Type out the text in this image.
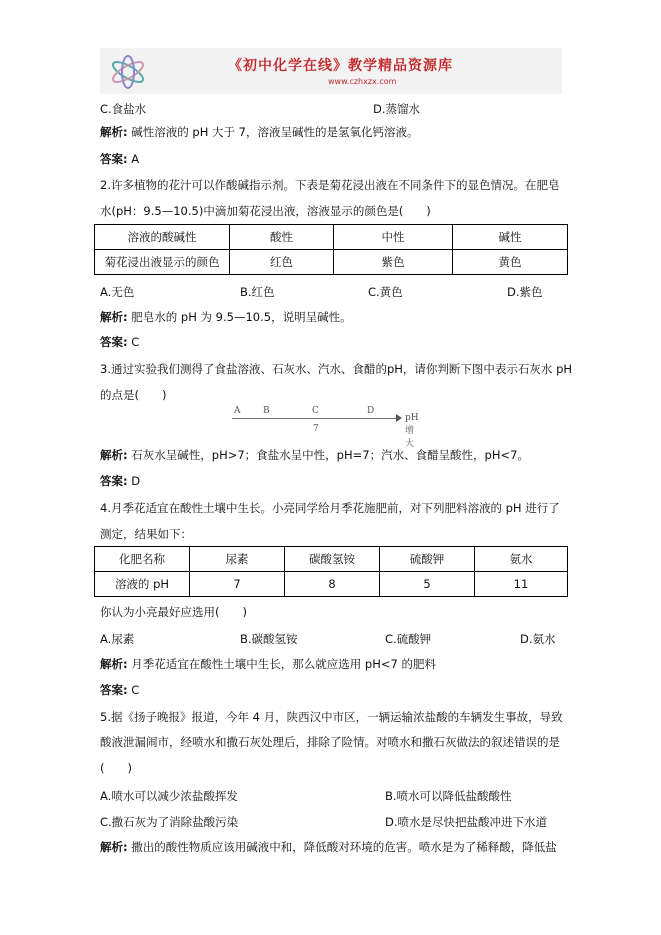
《初中化学在线》教学精品资源库
www.czhxzx.com
C.食盐水	D.蒸馏水
解析: 碱性溶液的 pH 大于 7，溶液呈碱性的是氢氧化钙溶液。
答案: A
2.许多植物的花汁可以作酸碱指示剂。下表是菊花浸出液在不同条件下的显色情况。在肥皂
水(pH：9.5—10.5)中滴加菊花浸出液，溶液显示的颜色是(　　)
溶液的酸碱性	酸性	中性	碱性
菊花浸出液显示的颜色	红色	紫色	黄色
A.无色	B.红色	C.黄色	D.紫色
解析: 肥皂水的 pH 为 9.5—10.5，说明呈碱性。
答案: C
3.通过实验我们测得了食盐溶液、石灰水、汽水、食醋的pH，请你判断下图中表示石灰水 pH
的点是(　　)
A	B	C	D
7
pH增大
解析: 石灰水呈碱性，pH>7；食盐水呈中性，pH=7；汽水、食醋呈酸性，pH<7。
答案: D
4.月季花适宜在酸性土壤中生长。小亮同学给月季花施肥前，对下列肥料溶液的 pH 进行了
测定，结果如下：
化肥名称	尿素	碳酸氢铵	硫酸钾	氨水
溶液的 pH	7	8	5	11
你认为小亮最好应选用(　　)
A.尿素	B.碳酸氢铵	C.硫酸钾	D.氨水
解析: 月季花适宜在酸性土壤中生长，那么就应选用 pH<7 的肥料
答案: C
5.据《扬子晚报》报道，今年 4 月，陕西汉中市区，一辆运输浓盐酸的车辆发生事故，导致
酸液泄漏闹市，经喷水和撒石灰处理后，排除了险情。对喷水和撒石灰做法的叙述错误的是
(　　)
A.喷水可以减少浓盐酸挥发	B.喷水可以降低盐酸酸性
C.撒石灰为了消除盐酸污染	D.喷水是尽快把盐酸冲进下水道
解析: 撒出的酸性物质应该用碱液中和，降低酸对环境的危害。喷水是为了稀释酸，降低盐
